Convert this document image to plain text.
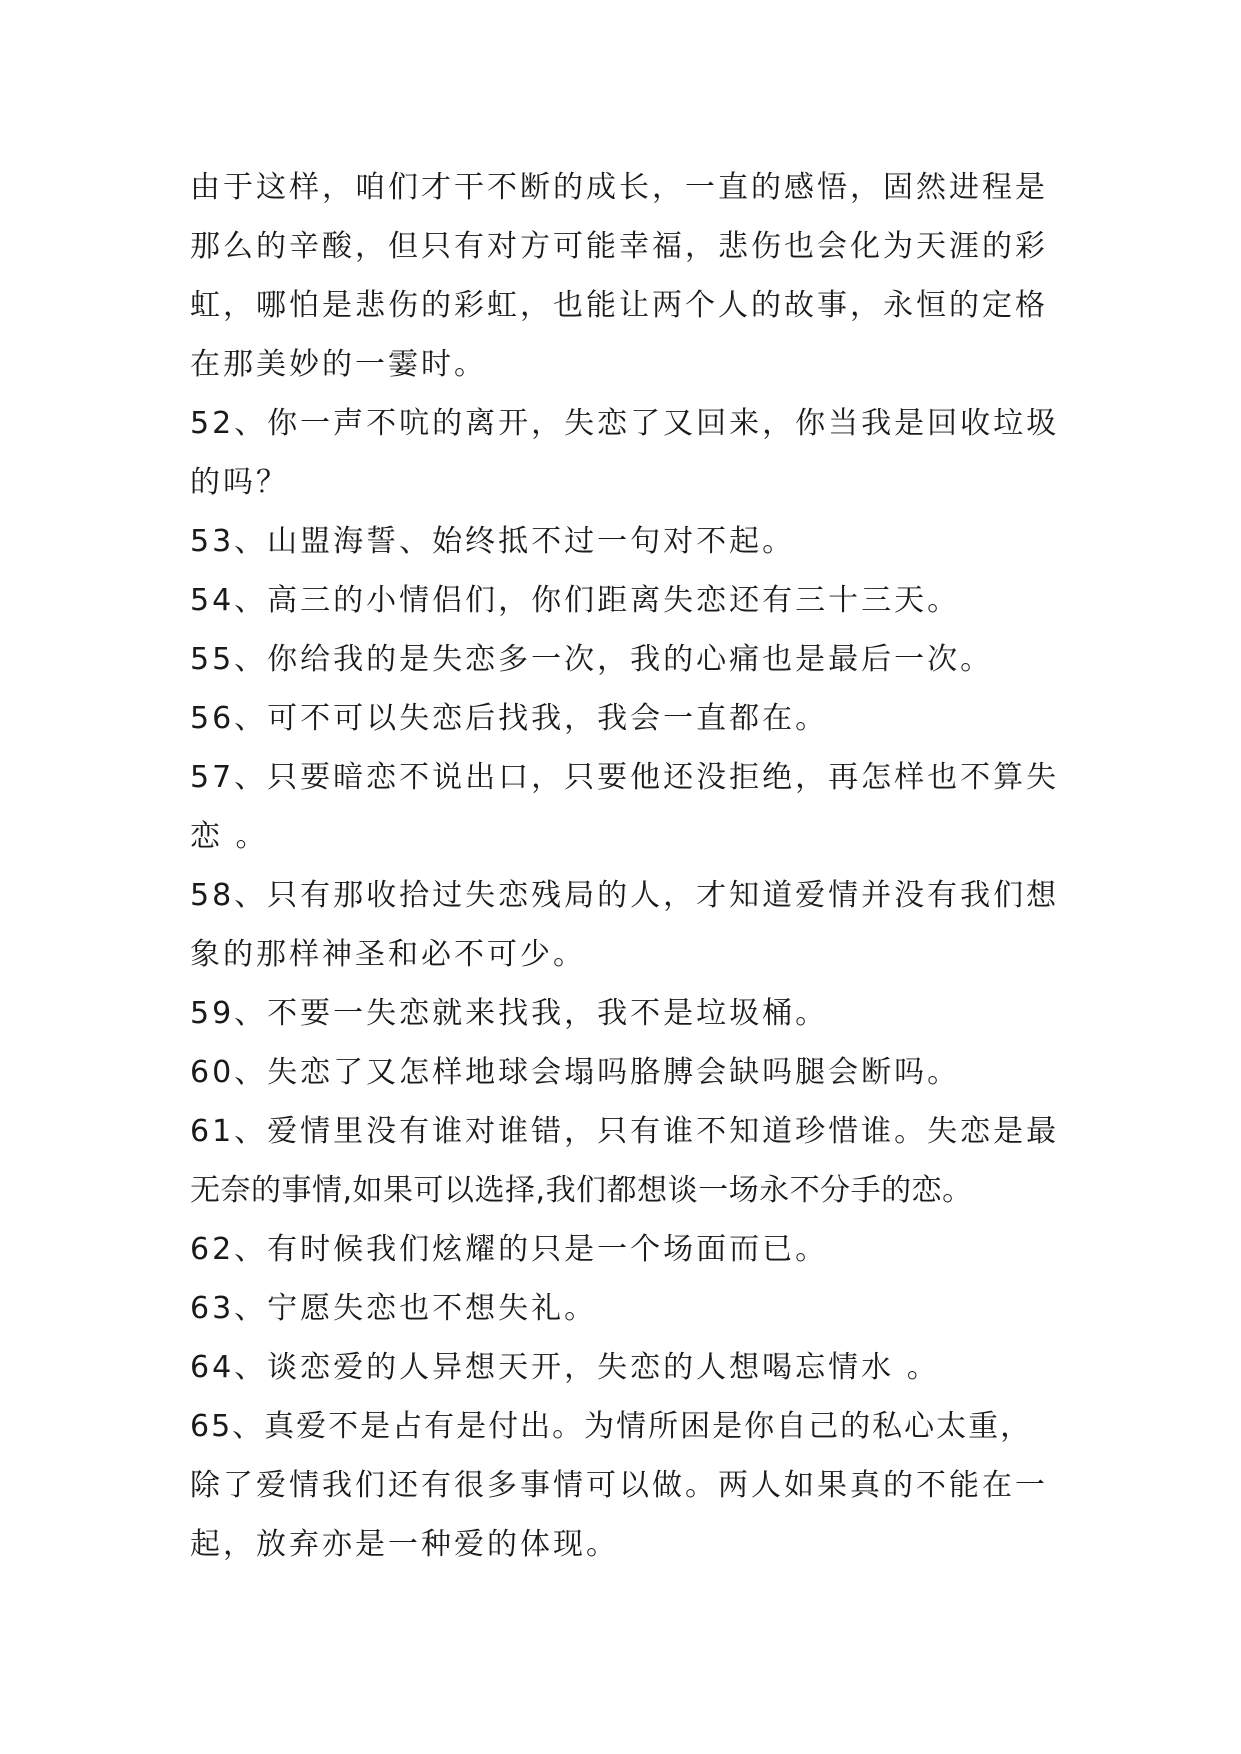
由于这样，咱们才干不断的成长，一直的感悟，固然进程是
那么的辛酸，但只有对方可能幸福，悲伤也会化为天涯的彩
虹，哪怕是悲伤的彩虹，也能让两个人的故事，永恒的定格
在那美妙的一霎时。
52、你一声不吭的离开，失恋了又回来，你当我是回收垃圾
的吗？
53、山盟海誓、始终抵不过一句对不起。
54、高三的小情侣们，你们距离失恋还有三十三天。
55、你给我的是失恋多一次，我的心痛也是最后一次。
56、可不可以失恋后找我，我会一直都在。
57、只要暗恋不说出口，只要他还没拒绝，再怎样也不算失
恋 。
58、只有那收拾过失恋残局的人，才知道爱情并没有我们想
象的那样神圣和必不可少。
59、不要一失恋就来找我，我不是垃圾桶。
60、失恋了又怎样地球会塌吗胳膊会缺吗腿会断吗。
61、爱情里没有谁对谁错，只有谁不知道珍惜谁。失恋是最
无奈的事情,如果可以选择,我们都想谈一场永不分手的恋。
62、有时候我们炫耀的只是一个场面而已。
63、宁愿失恋也不想失礼。
64、谈恋爱的人异想天开，失恋的人想喝忘情水 。
65、真爱不是占有是付出。为情所困是你自己的私心太重，
除了爱情我们还有很多事情可以做。两人如果真的不能在一
起，放弃亦是一种爱的体现。
